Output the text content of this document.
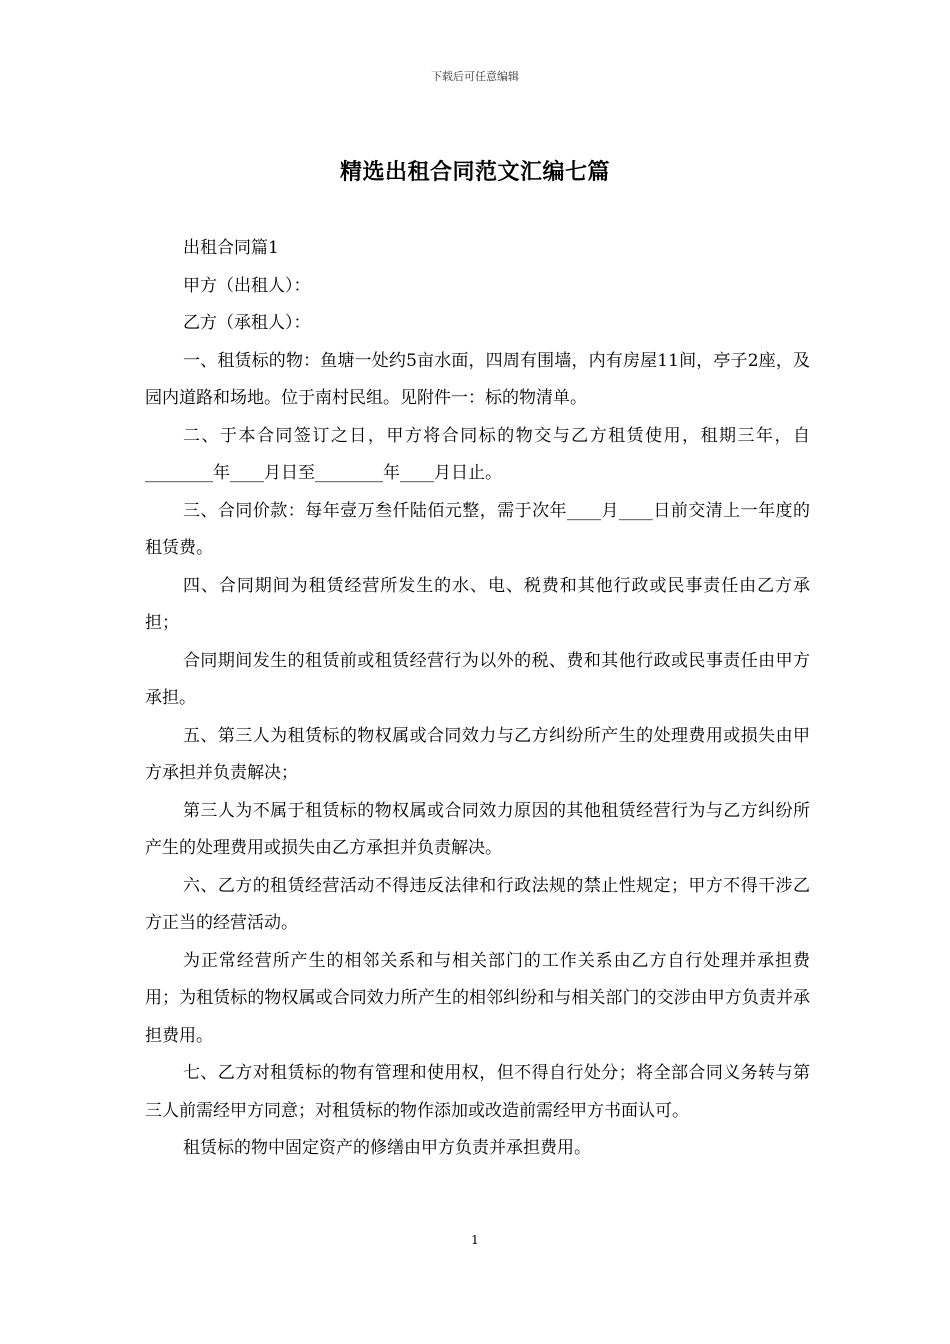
下载后可任意编辑
精选出租合同范文汇编七篇

出租合同篇1

甲方（出租人）：

乙方（承租人）：

一、租赁标的物：鱼塘一处约5亩水面，四周有围墙，内有房屋11间，亭子2座，及园内道路和场地。位于南村民组。见附件一：标的物清单。

二、于本合同签订之日，甲方将合同标的物交与乙方租赁使用，租期三年，自________年____月日至________年____月日止。

三、合同价款：每年壹万叁仟陆佰元整，需于次年____月____日前交清上一年度的租赁费。

四、合同期间为租赁经营所发生的水、电、税费和其他行政或民事责任由乙方承担；

合同期间发生的租赁前或租赁经营行为以外的税、费和其他行政或民事责任由甲方承担。

五、第三人为租赁标的物权属或合同效力与乙方纠纷所产生的处理费用或损失由甲方承担并负责解决；

第三人为不属于租赁标的物权属或合同效力原因的其他租赁经营行为与乙方纠纷所产生的处理费用或损失由乙方承担并负责解决。

六、乙方的租赁经营活动不得违反法律和行政法规的禁止性规定；甲方不得干涉乙方正当的经营活动。

为正常经营所产生的相邻关系和与相关部门的工作关系由乙方自行处理并承担费用；为租赁标的物权属或合同效力所产生的相邻纠纷和与相关部门的交涉由甲方负责并承担费用。

七、乙方对租赁标的物有管理和使用权，但不得自行处分；将全部合同义务转与第三人前需经甲方同意；对租赁标的物作添加或改造前需经甲方书面认可。

租赁标的物中固定资产的修缮由甲方负责并承担费用。

1
